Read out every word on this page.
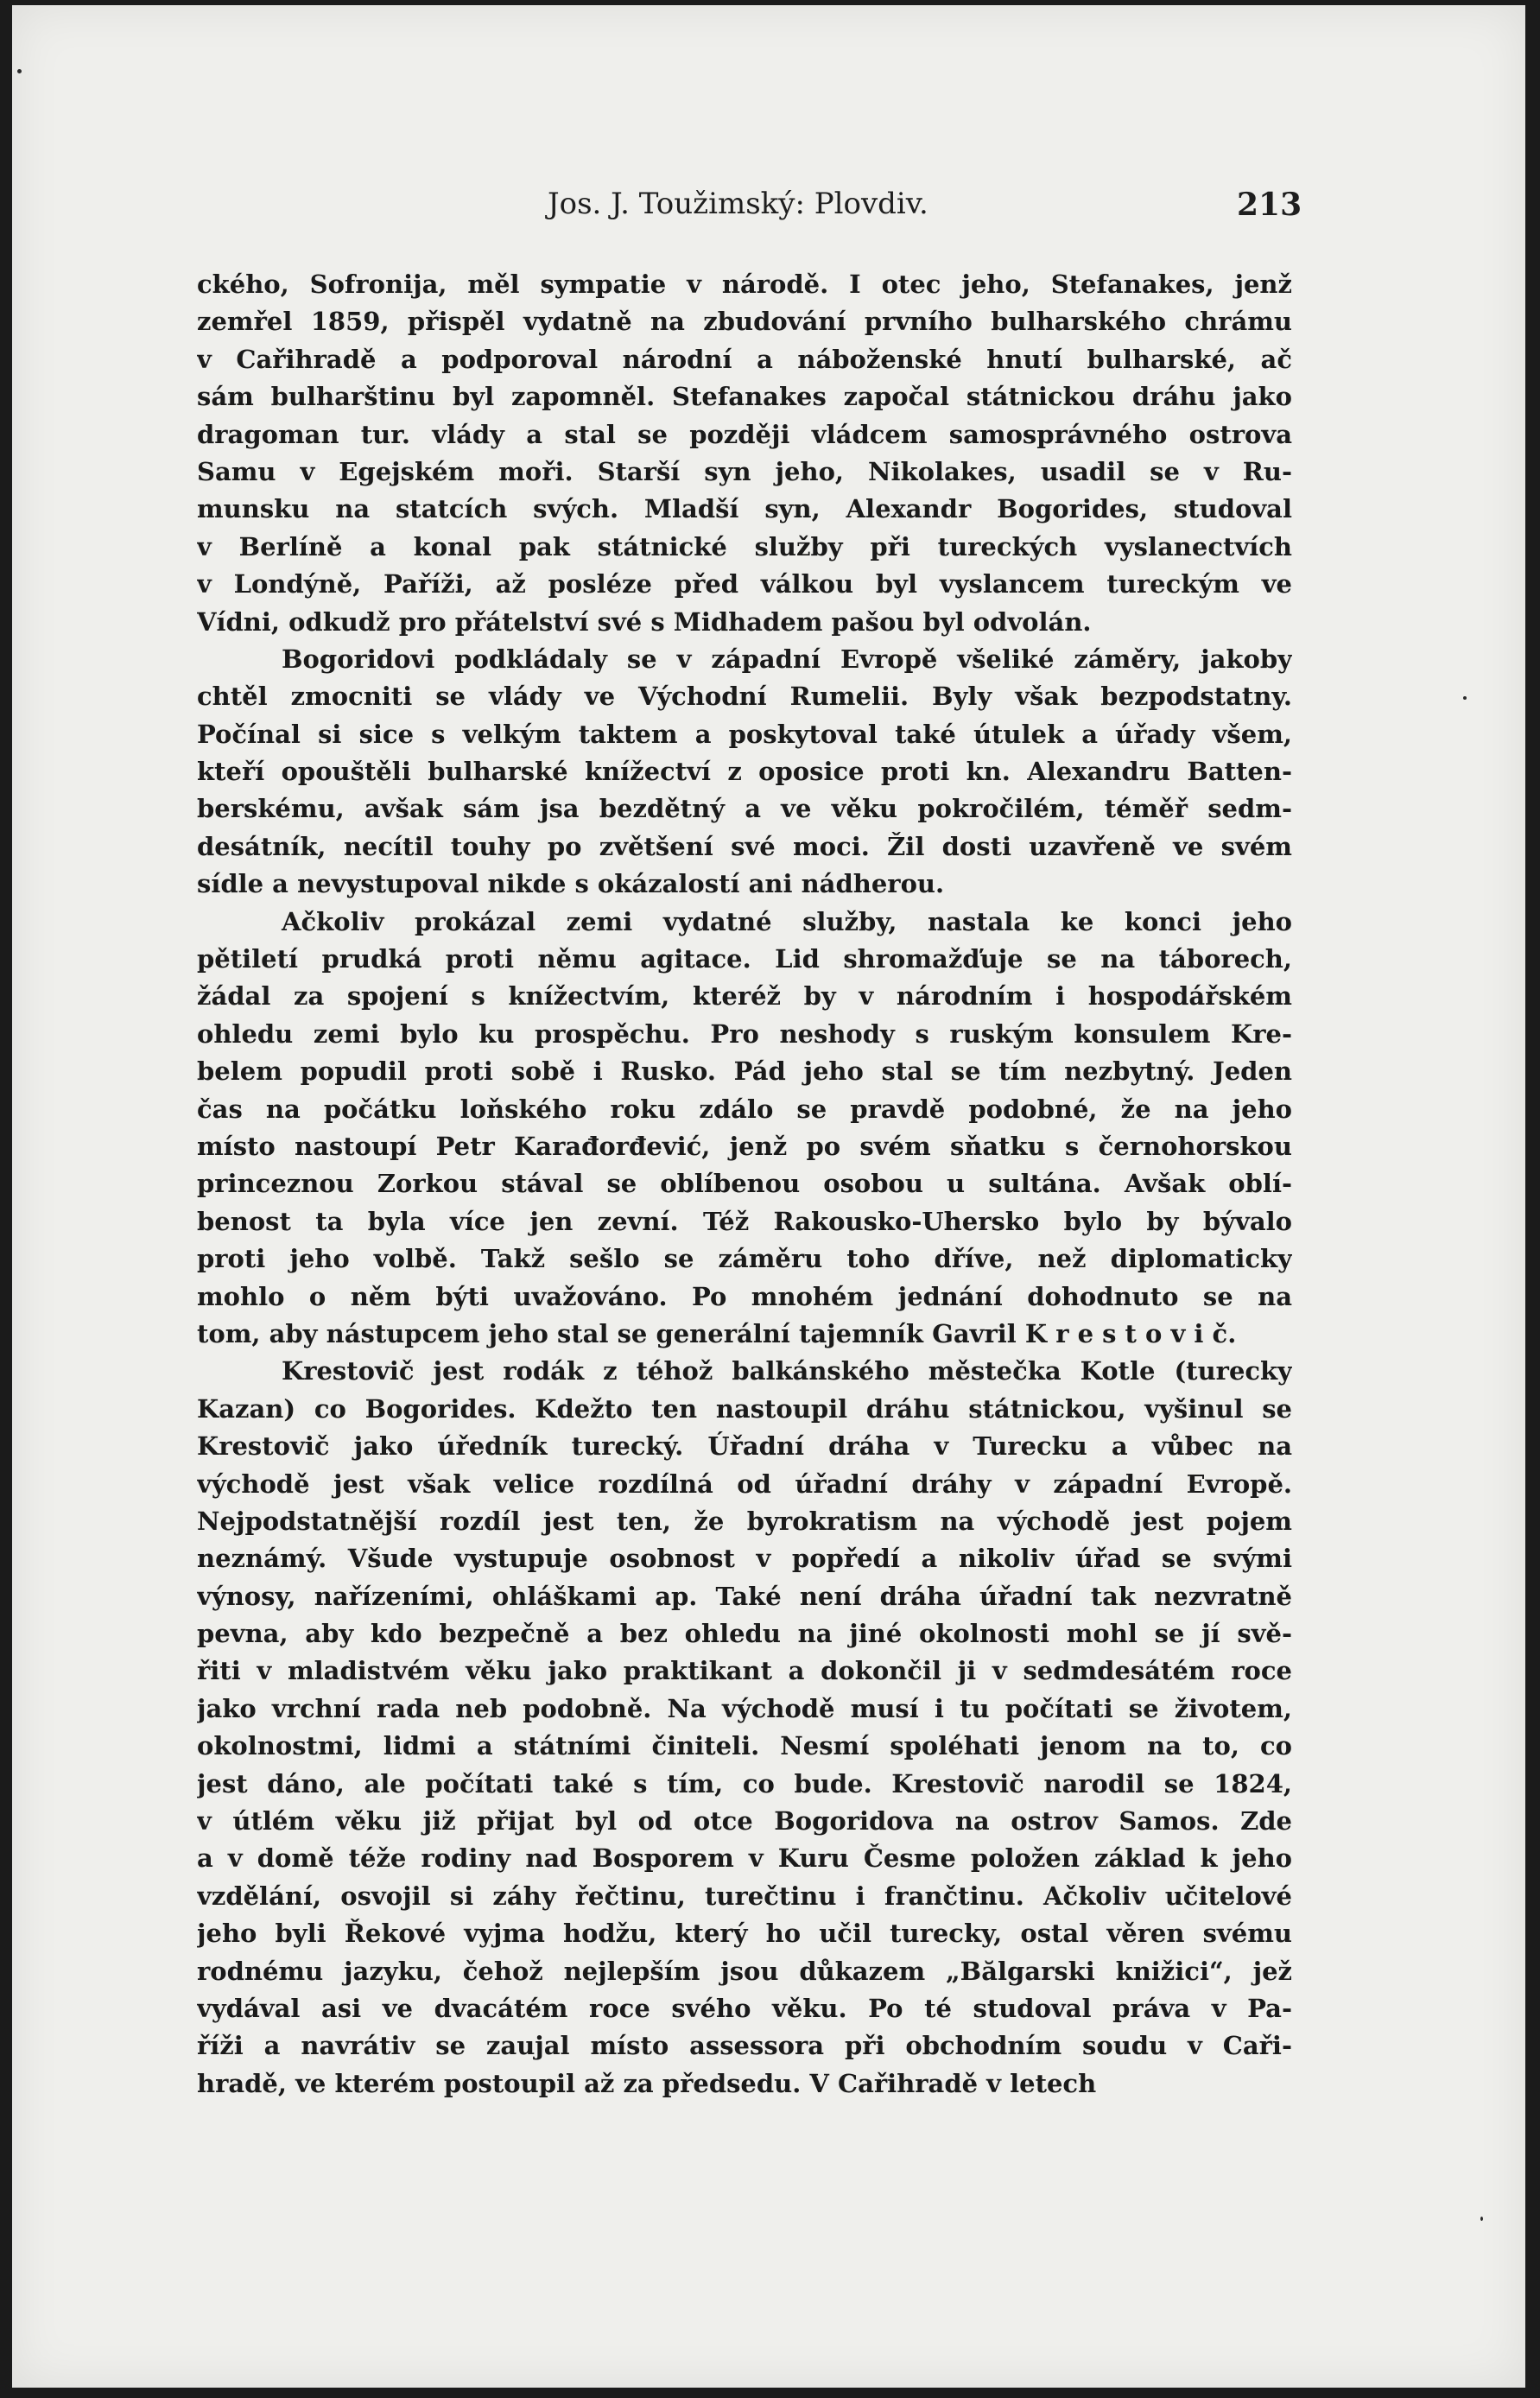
Jos. J. Toužimský: Plovdiv.	213
ckého, Sofronija, měl sympatie v národě. I otec jeho, Stefanakes, jenž
zemřel 1859, přispěl vydatně na zbudování prvního bulharského chrámu
v Cařihradě a podporoval národní a náboženské hnutí bulharské, ač
sám bulharštinu byl zapomněl. Stefanakes započal státnickou dráhu jako
dragoman tur. vlády a stal se později vládcem samosprávného ostrova
Samu v Egejském moři. Starší syn jeho, Nikolakes, usadil se v Ru-
munsku na statcích svých. Mladší syn, Alexandr Bogorides, studoval
v Berlíně a konal pak státnické služby při tureckých vyslanectvích
v Londýně, Paříži, až posléze před válkou byl vyslancem tureckým ve
Vídni, odkudž pro přátelství své s Midhadem pašou byl odvolán.
Bogoridovi podkládaly se v západní Evropě všeliké záměry, jakoby
chtěl zmocniti se vlády ve Východní Rumelii. Byly však bezpodstatny.
Počínal si sice s velkým taktem a poskytoval také útulek a úřady všem,
kteří opouštěli bulharské knížectví z oposice proti kn. Alexandru Batten-
berskému, avšak sám jsa bezdětný a ve věku pokročilém, téměř sedm-
desátník, necítil touhy po zvětšení své moci. Žil dosti uzavřeně ve svém
sídle a nevystupoval nikde s okázalostí ani nádherou.
Ačkoliv prokázal zemi vydatné služby, nastala ke konci jeho
pětiletí prudká proti němu agitace. Lid shromažďuje se na táborech,
žádal za spojení s knížectvím, kteréž by v národním i hospodářském
ohledu zemi bylo ku prospěchu. Pro neshody s ruským konsulem Kre-
belem popudil proti sobě i Rusko. Pád jeho stal se tím nezbytný. Jeden
čas na počátku loňského roku zdálo se pravdě podobné, že na jeho
místo nastoupí Petr Karađorđević, jenž po svém sňatku s černohorskou
princeznou Zorkou stával se oblíbenou osobou u sultána. Avšak oblí-
benost ta byla více jen zevní. Též Rakousko-Uhersko bylo by bývalo
proti jeho volbě. Takž sešlo se záměru toho dříve, než diplomaticky
mohlo o něm býti uvažováno. Po mnohém jednání dohodnuto se na
tom, aby nástupcem jeho stal se generální tajemník Gavril K r e s t o v i č.
Krestovič jest rodák z téhož balkánského městečka Kotle (turecky
Kazan) co Bogorides. Kdežto ten nastoupil dráhu státnickou, vyšinul se
Krestovič jako úředník turecký. Úřadní dráha v Turecku a vůbec na
východě jest však velice rozdílná od úřadní dráhy v západní Evropě.
Nejpodstatnější rozdíl jest ten, že byrokratism na východě jest pojem
neznámý. Všude vystupuje osobnost v popředí a nikoliv úřad se svými
výnosy, nařízeními, ohláškami ap. Také není dráha úřadní tak nezvratně
pevna, aby kdo bezpečně a bez ohledu na jiné okolnosti mohl se jí svě-
řiti v mladistvém věku jako praktikant a dokončil ji v sedmdesátém roce
jako vrchní rada neb podobně. Na východě musí i tu počítati se životem,
okolnostmi, lidmi a státními činiteli. Nesmí spoléhati jenom na to, co
jest dáno, ale počítati také s tím, co bude. Krestovič narodil se 1824,
v útlém věku již přijat byl od otce Bogoridova na ostrov Samos. Zde
a v domě téže rodiny nad Bosporem v Kuru Česme položen základ k jeho
vzdělání, osvojil si záhy řečtinu, turečtinu i frančtinu. Ačkoliv učitelové
jeho byli Řekové vyjma hodžu, který ho učil turecky, ostal věren svému
rodnému jazyku, čehož nejlepším jsou důkazem „Bălgarski knižici“, jež
vydával asi ve dvacátém roce svého věku. Po té studoval práva v Pa-
říži a navrátiv se zaujal místo assessora při obchodním soudu v Caři-
hradě, ve kterém postoupil až za předsedu. V Cařihradě v letech
